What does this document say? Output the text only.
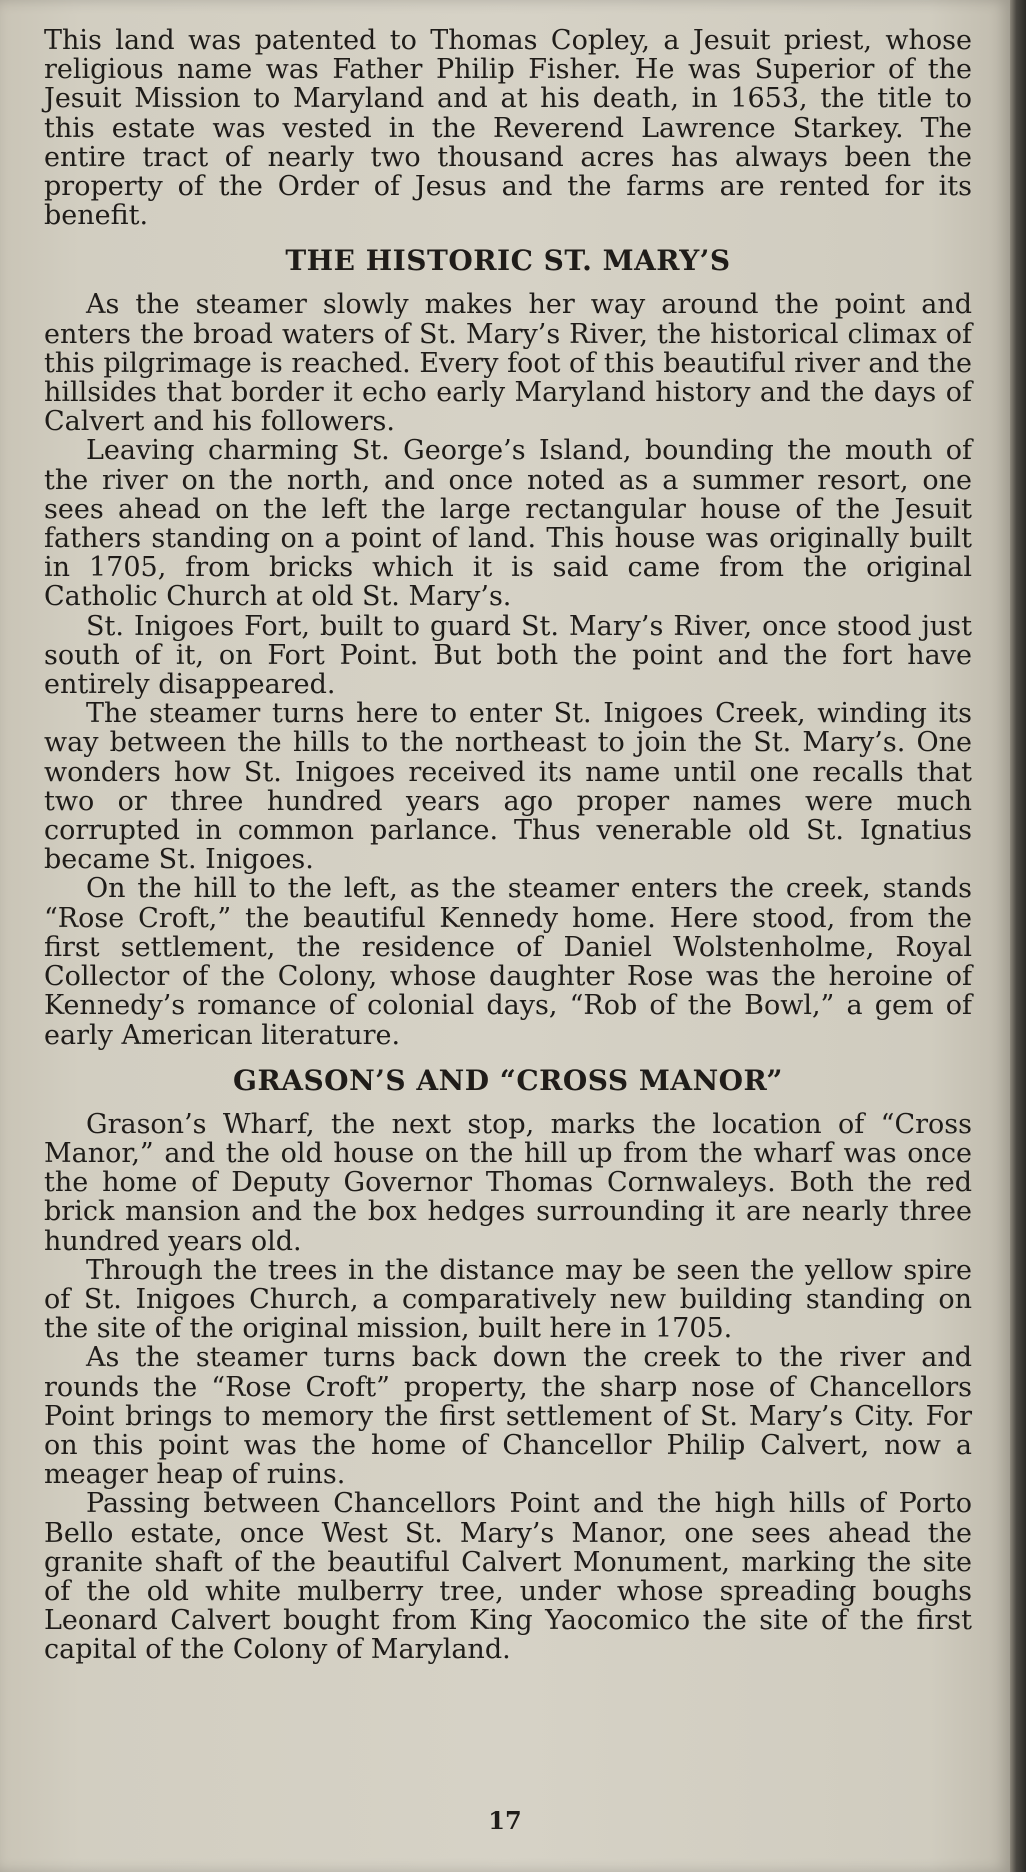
This land was patented to Thomas Copley, a Jesuit priest, whose religious name was Father Philip Fisher. He was Superior of the Jesuit Mission to Maryland and at his death, in 1653, the title to this estate was vested in the Reverend Lawrence Starkey. The entire tract of nearly two thousand acres has always been the property of the Order of Jesus and the farms are rented for its benefit.

THE HISTORIC ST. MARY’S

As the steamer slowly makes her way around the point and enters the broad waters of St. Mary’s River, the historical climax of this pilgrimage is reached. Every foot of this beautiful river and the hillsides that border it echo early Maryland history and the days of Calvert and his followers.

Leaving charming St. George’s Island, bounding the mouth of the river on the north, and once noted as a summer resort, one sees ahead on the left the large rectangular house of the Jesuit fathers standing on a point of land. This house was originally built in 1705, from bricks which it is said came from the original Catholic Church at old St. Mary’s.

St. Inigoes Fort, built to guard St. Mary’s River, once stood just south of it, on Fort Point. But both the point and the fort have entirely disappeared.

The steamer turns here to enter St. Inigoes Creek, winding its way between the hills to the northeast to join the St. Mary’s. One wonders how St. Inigoes received its name until one recalls that two or three hundred years ago proper names were much corrupted in common parlance. Thus venerable old St. Ignatius became St. Inigoes.

On the hill to the left, as the steamer enters the creek, stands “Rose Croft,” the beautiful Kennedy home. Here stood, from the first settlement, the residence of Daniel Wolstenholme, Royal Collector of the Colony, whose daughter Rose was the heroine of Kennedy’s romance of colonial days, “Rob of the Bowl,” a gem of early American literature.

GRASON’S AND “CROSS MANOR”

Grason’s Wharf, the next stop, marks the location of “Cross Manor,” and the old house on the hill up from the wharf was once the home of Deputy Governor Thomas Cornwaleys. Both the red brick mansion and the box hedges surrounding it are nearly three hundred years old.

Through the trees in the distance may be seen the yellow spire of St. Inigoes Church, a comparatively new building standing on the site of the original mission, built here in 1705.

As the steamer turns back down the creek to the river and rounds the “Rose Croft” property, the sharp nose of Chancellors Point brings to memory the first settlement of St. Mary’s City. For on this point was the home of Chancellor Philip Calvert, now a meager heap of ruins.

Passing between Chancellors Point and the high hills of Porto Bello estate, once West St. Mary’s Manor, one sees ahead the granite shaft of the beautiful Calvert Monument, marking the site of the old white mulberry tree, under whose spreading boughs Leonard Calvert bought from King Yaocomico the site of the first capital of the Colony of Maryland.

17
